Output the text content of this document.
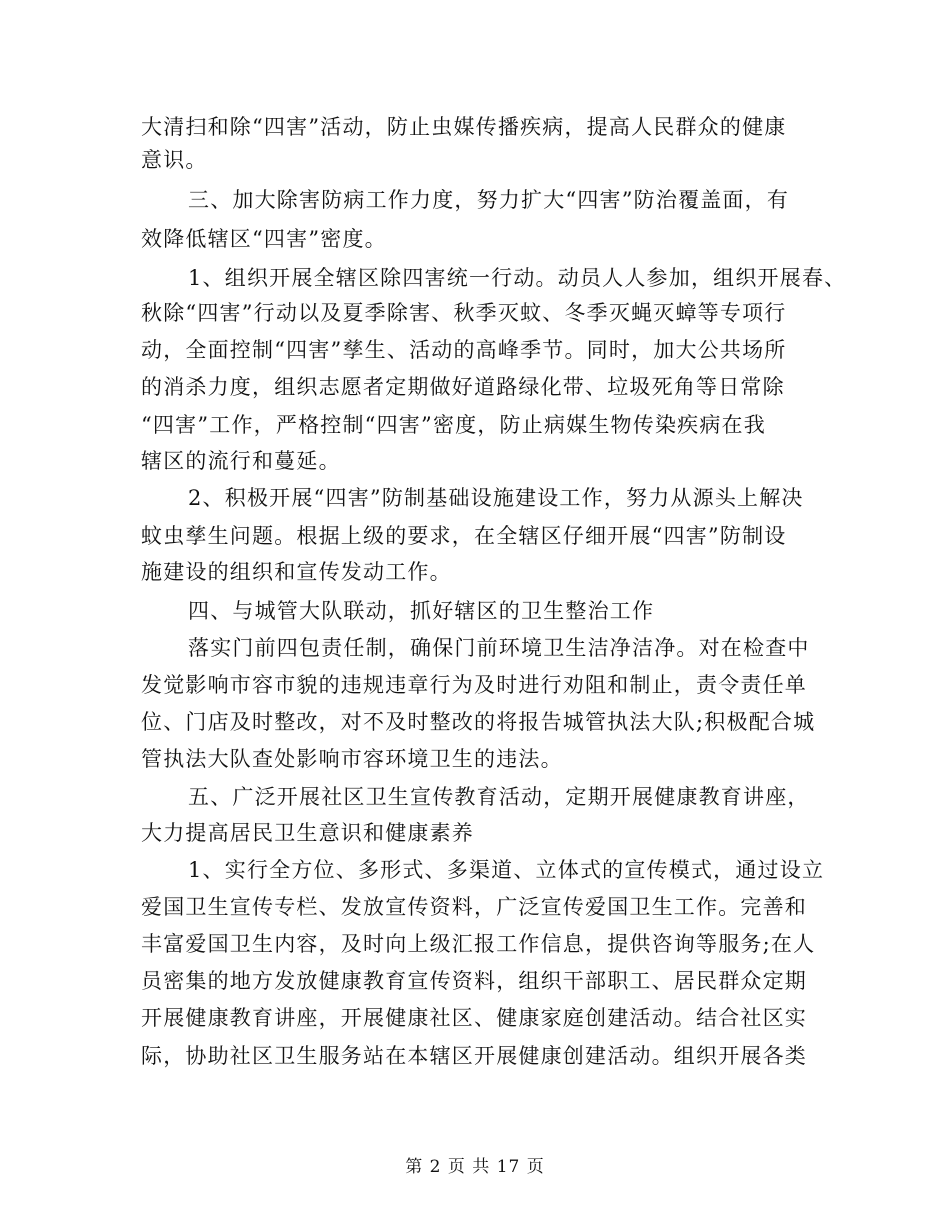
大清扫和除“四害”活动，防止虫媒传播疾病，提高人民群众的健康
意识。
三、加大除害防病工作力度，努力扩大“四害”防治覆盖面，有
效降低辖区“四害”密度。
1、组织开展全辖区除四害统一行动。动员人人参加，组织开展春、
秋除“四害”行动以及夏季除害、秋季灭蚊、冬季灭蝇灭蟑等专项行
动，全面控制“四害”孳生、活动的高峰季节。同时，加大公共场所
的消杀力度，组织志愿者定期做好道路绿化带、垃圾死角等日常除
“四害”工作，严格控制“四害”密度，防止病媒生物传染疾病在我
辖区的流行和蔓延。
2、积极开展“四害”防制基础设施建设工作，努力从源头上解决
蚊虫孳生问题。根据上级的要求，在全辖区仔细开展“四害”防制设
施建设的组织和宣传发动工作。
四、与城管大队联动，抓好辖区的卫生整治工作
落实门前四包责任制，确保门前环境卫生洁净洁净。对在检查中
发觉影响市容市貌的违规违章行为及时进行劝阻和制止，责令责任单
位、门店及时整改，对不及时整改的将报告城管执法大队;积极配合城
管执法大队查处影响市容环境卫生的违法。
五、广泛开展社区卫生宣传教育活动，定期开展健康教育讲座，
大力提高居民卫生意识和健康素养
1、实行全方位、多形式、多渠道、立体式的宣传模式，通过设立
爱国卫生宣传专栏、发放宣传资料，广泛宣传爱国卫生工作。完善和
丰富爱国卫生内容，及时向上级汇报工作信息，提供咨询等服务;在人
员密集的地方发放健康教育宣传资料，组织干部职工、居民群众定期
开展健康教育讲座，开展健康社区、健康家庭创建活动。结合社区实
际，协助社区卫生服务站在本辖区开展健康创建活动。组织开展各类
第 2 页 共 17 页
